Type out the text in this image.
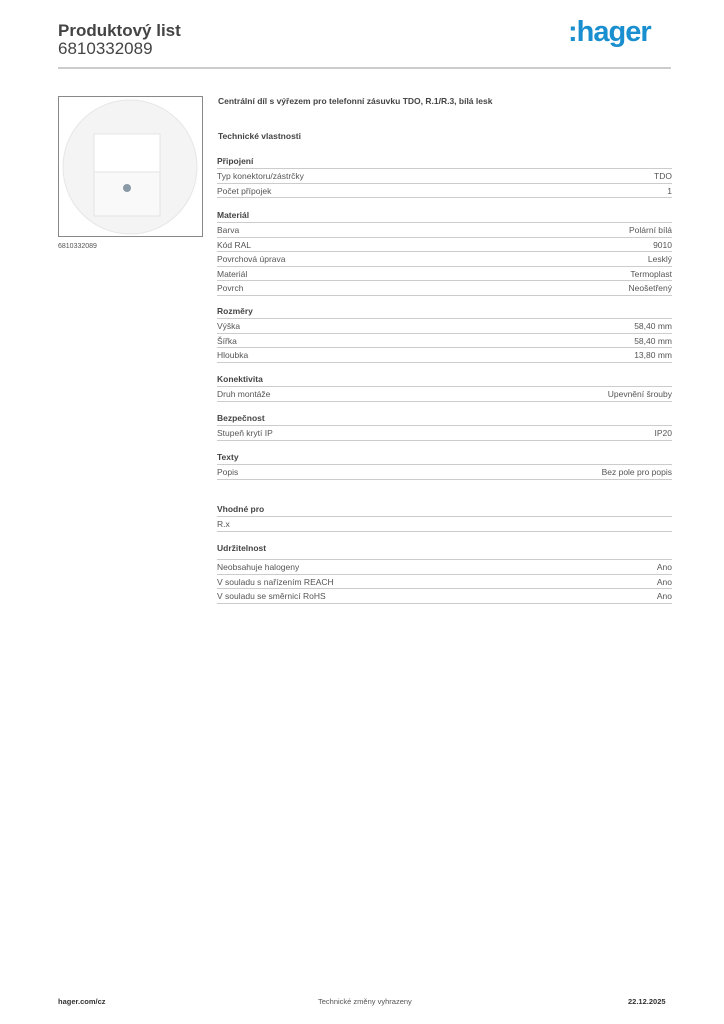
Produktový list
6810332089
:hager
6810332089
Centrální díl s výřezem pro telefonní zásuvku TDO, R.1/R.3, bílá lesk
Technické vlastnosti
Připojení
Typ konektoru/zástrčky	TDO
Počet přípojek	1
Materiál
Barva	Polární bílá
Kód RAL	9010
Povrchová úprava	Lesklý
Materiál	Termoplast
Povrch	Neošetřený
Rozměry
Výška	58,40 mm
Šířka	58,40 mm
Hloubka	13,80 mm
Konektivita
Druh montáže	Upevnění šrouby
Bezpečnost
Stupeň krytí IP	IP20
Texty
Popis	Bez pole pro popis
Vhodné pro
R.x
Udržitelnost
Neobsahuje halogeny	Ano
V souladu s nařízením REACH	Ano
V souladu se směrnicí RoHS	Ano
hager.com/cz	Technické změny vyhrazeny	22.12.2025
